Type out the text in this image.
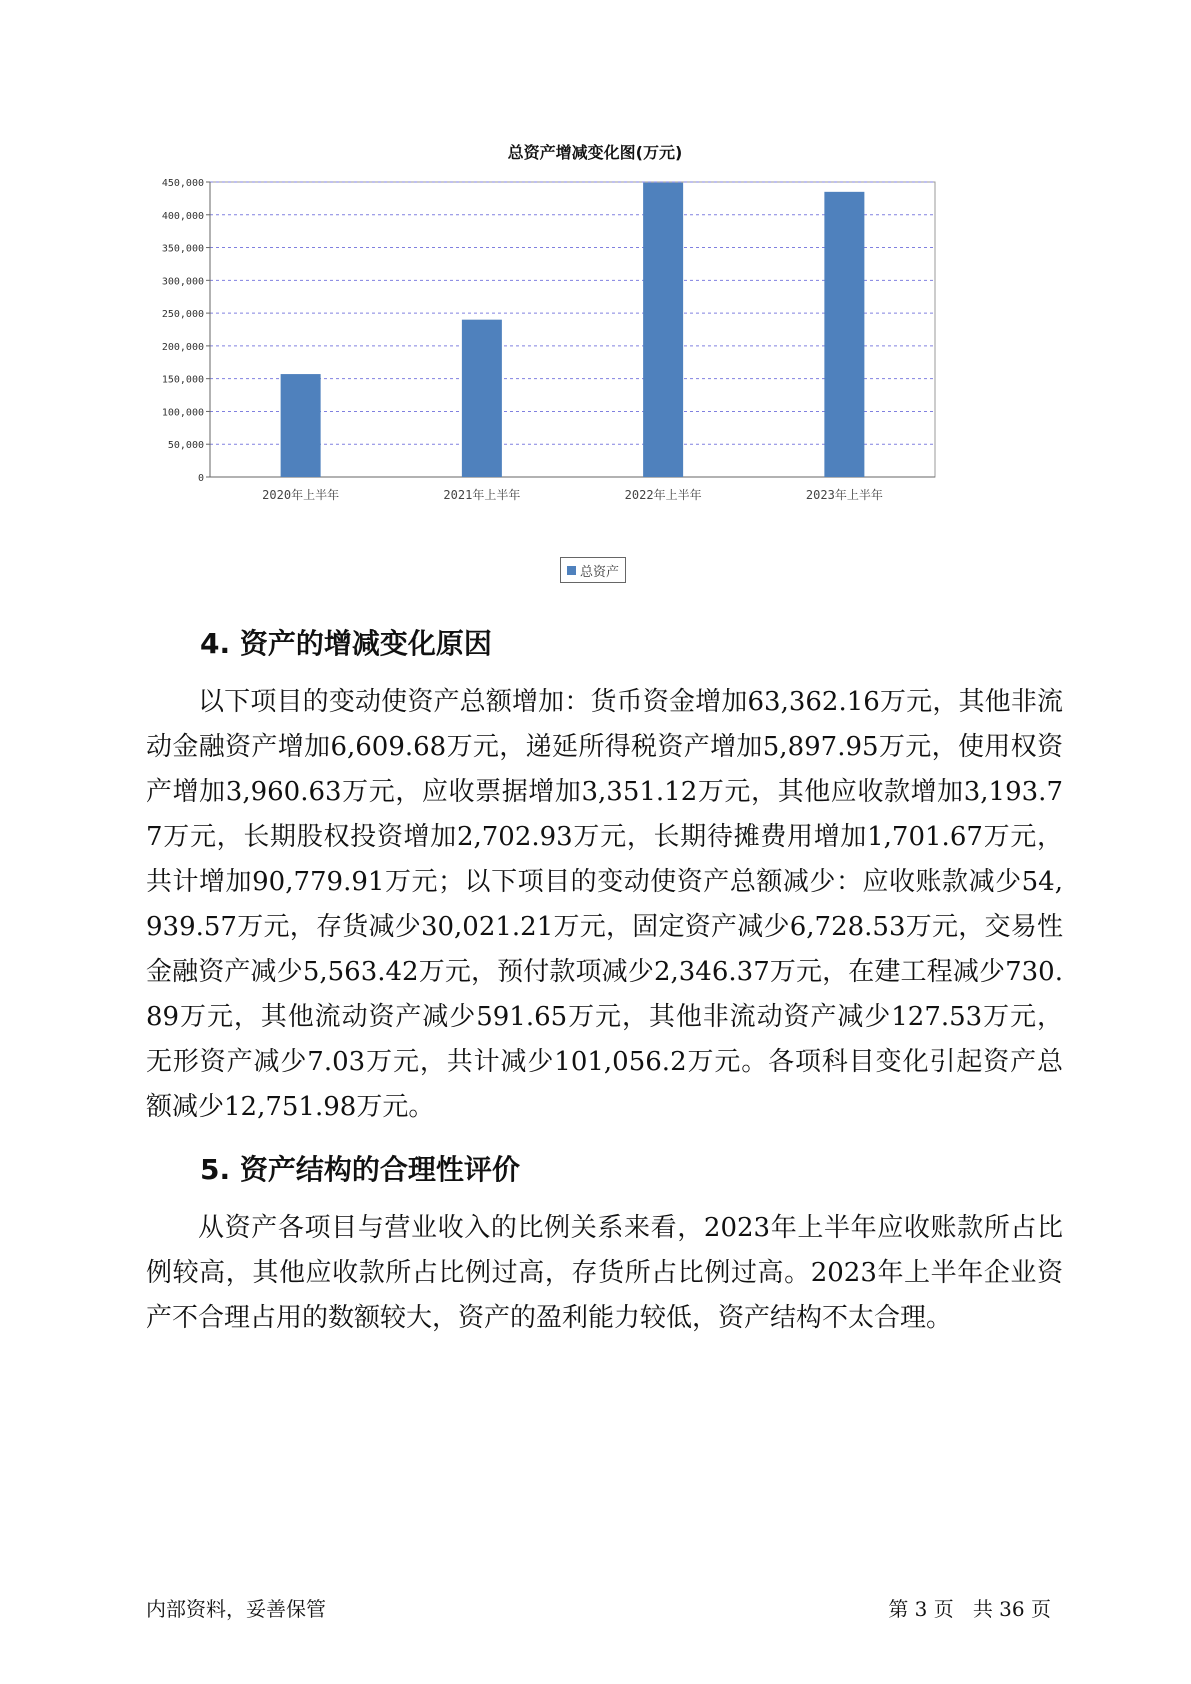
总资产增减变化图(万元)
0
50,000
100,000
150,000
200,000
250,000
300,000
350,000
400,000
450,000
2020年上半年	2021年上半年	2022年上半年	2023年上半年
总资产
4. 资产的增减变化原因

以下项目的变动使资产总额增加：货币资金增加63,362.16万元，其他非流动金融资产增加6,609.68万元，递延所得税资产增加5,897.95万元，使用权资产增加3,960.63万元，应收票据增加3,351.12万元，其他应收款增加3,193.77万元，长期股权投资增加2,702.93万元，长期待摊费用增加1,701.67万元，共计增加90,779.91万元；以下项目的变动使资产总额减少：应收账款减少54,939.57万元，存货减少30,021.21万元，固定资产减少6,728.53万元，交易性金融资产减少5,563.42万元，预付款项减少2,346.37万元，在建工程减少730.89万元，其他流动资产减少591.65万元，其他非流动资产减少127.53万元，无形资产减少7.03万元，共计减少101,056.2万元。各项科目变化引起资产总额减少12,751.98万元。

5. 资产结构的合理性评价

从资产各项目与营业收入的比例关系来看，2023年上半年应收账款所占比例较高，其他应收款所占比例过高，存货所占比例过高。2023年上半年企业资产不合理占用的数额较大，资产的盈利能力较低，资产结构不太合理。

内部资料，妥善保管	第 3 页   共 36 页
